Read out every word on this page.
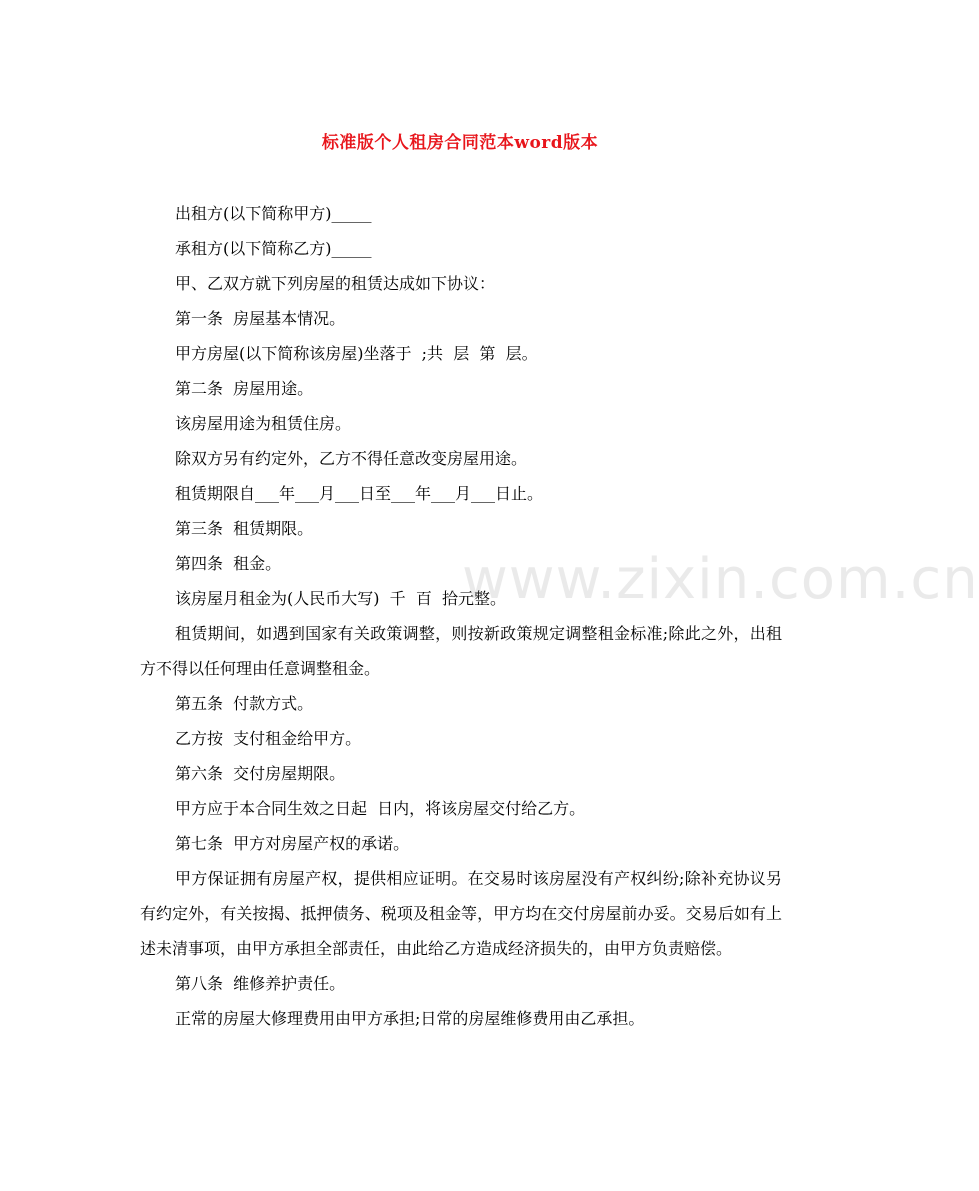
标准版个人租房合同范本word版本

出租方(以下简称甲方)_____

承租方(以下简称乙方)_____

甲、乙双方就下列房屋的租赁达成如下协议：

第一条  房屋基本情况。

甲方房屋(以下简称该房屋)坐落于  ;共  层  第  层。

第二条  房屋用途。

该房屋用途为租赁住房。

除双方另有约定外，乙方不得任意改变房屋用途。

租赁期限自___年___月___日至___年___月___日止。

第三条  租赁期限。

第四条  租金。

该房屋月租金为(人民币大写)  千  百  拾元整。

租赁期间，如遇到国家有关政策调整，则按新政策规定调整租金标准;除此之外，出租方不得以任何理由任意调整租金。

第五条  付款方式。

乙方按  支付租金给甲方。

第六条  交付房屋期限。

甲方应于本合同生效之日起  日内，将该房屋交付给乙方。

第七条  甲方对房屋产权的承诺。

甲方保证拥有房屋产权，提供相应证明。在交易时该房屋没有产权纠纷;除补充协议另有约定外，有关按揭、抵押债务、税项及租金等，甲方均在交付房屋前办妥。交易后如有上述未清事项，由甲方承担全部责任，由此给乙方造成经济损失的，由甲方负责赔偿。

第八条  维修养护责任。

正常的房屋大修理费用由甲方承担;日常的房屋维修费用由乙承担。

www.zixin.com.cn
